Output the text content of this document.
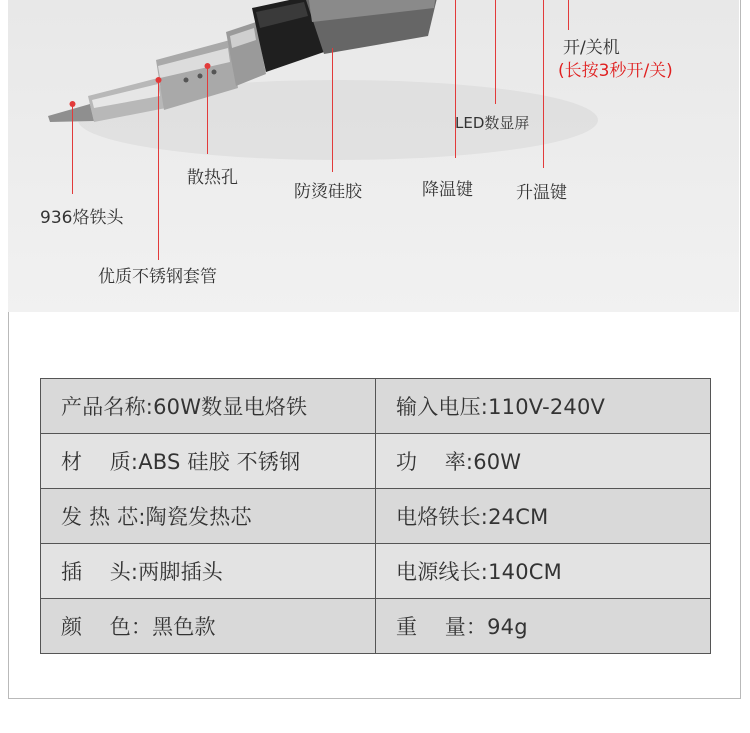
开/关机
(长按3秒开/关)
LED数显屏
散热孔
防烫硅胶	降温键	升温键
936烙铁头
优质不锈钢套管
产品名称:60W数显电烙铁	输入电压:110V-240V
材    质:ABS 硅胶 不锈钢	功    率:60W
发 热 芯:陶瓷发热芯	电烙铁长:24CM
插    头:两脚插头	电源线长:140CM
颜    色：黑色款	重    量：94g
